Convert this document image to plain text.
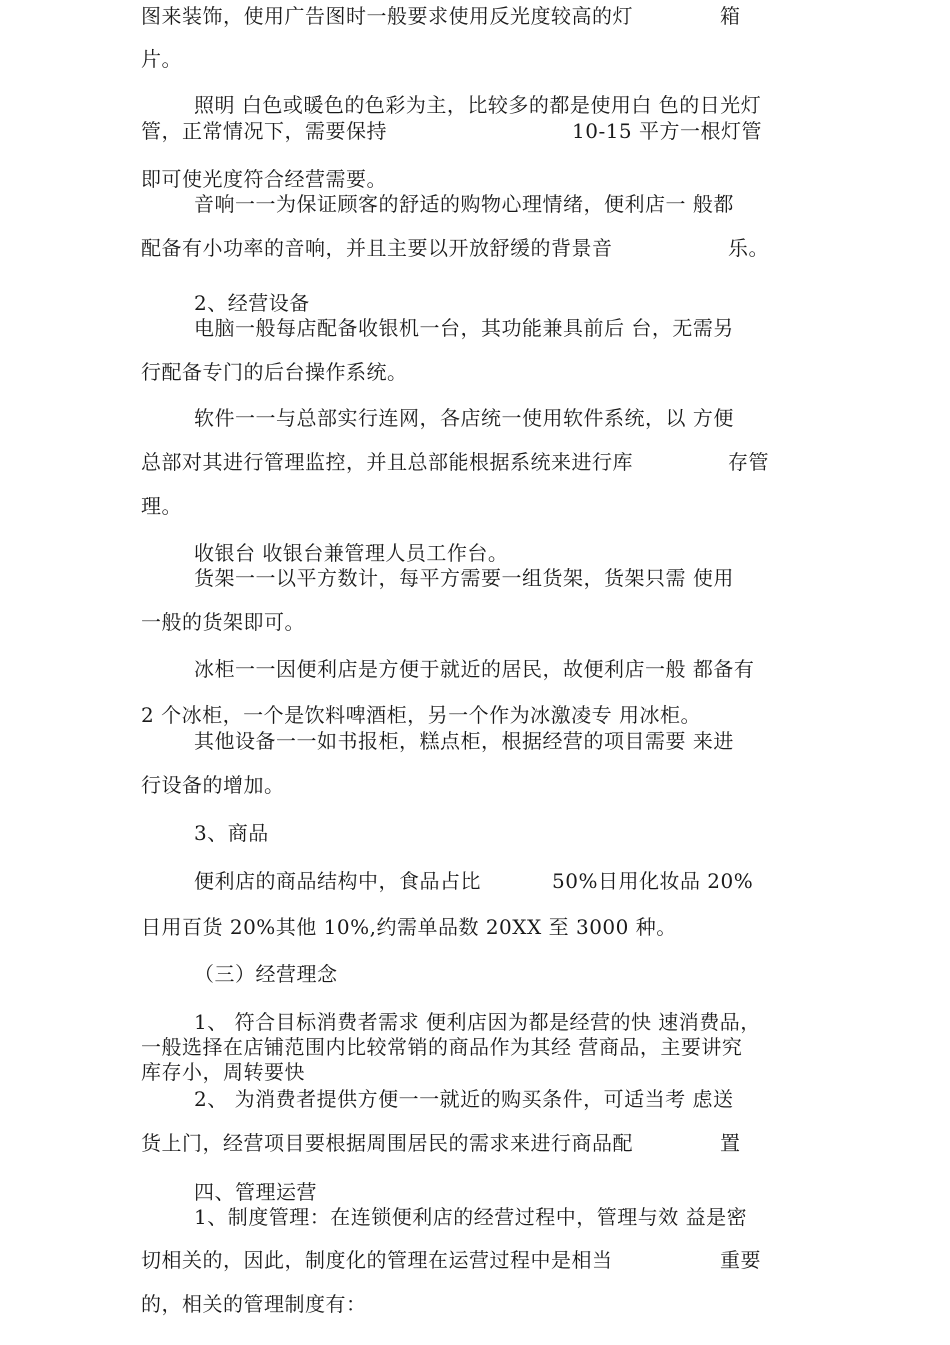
图来装饰，使用广告图时一般要求使用反光度较高的灯	箱
片。
照明 白色或暖色的色彩为主，比较多的都是使用白 色的日光灯
管，正常情况下，需要保持	10-15 平方一根灯管
即可使光度符合经营需要。
音响一一为保证顾客的舒适的购物心理情绪，便利店一 般都
配备有小功率的音响，并且主要以开放舒缓的背景音	乐。
2、经营设备
电脑一般每店配备收银机一台，其功能兼具前后 台，无需另
行配备专门的后台操作系统。
软件一一与总部实行连网，各店统一使用软件系统，以 方便
总部对其进行管理监控，并且总部能根据系统来进行库	存管
理。
收银台 收银台兼管理人员工作台。
货架一一以平方数计，每平方需要一组货架，货架只需 使用
一般的货架即可。
冰柜一一因便利店是方便于就近的居民，故便利店一般 都备有
2 个冰柜，一个是饮料啤酒柜，另一个作为冰激凌专 用冰柜。
其他设备一一如书报柜，糕点柜，根据经营的项目需要 来进
行设备的增加。
3、商品
便利店的商品结构中，食品占比	50%日用化妆品 20%
日用百货 20%其他 10%,约需单品数 20XX 至 3000 种。
（三）经营理念
1、 符合目标消费者需求 便利店因为都是经营的快 速消费品，
一般选择在店铺范围内比较常销的商品作为其经 营商品，主要讲究
库存小，周转要快
2、 为消费者提供方便一一就近的购买条件，可适当考 虑送
货上门，经营项目要根据周围居民的需求来进行商品配	置
四、管理运营
1、制度管理：在连锁便利店的经营过程中，管理与效 益是密
切相关的，因此，制度化的管理在运营过程中是相当	重要
的，相关的管理制度有：
